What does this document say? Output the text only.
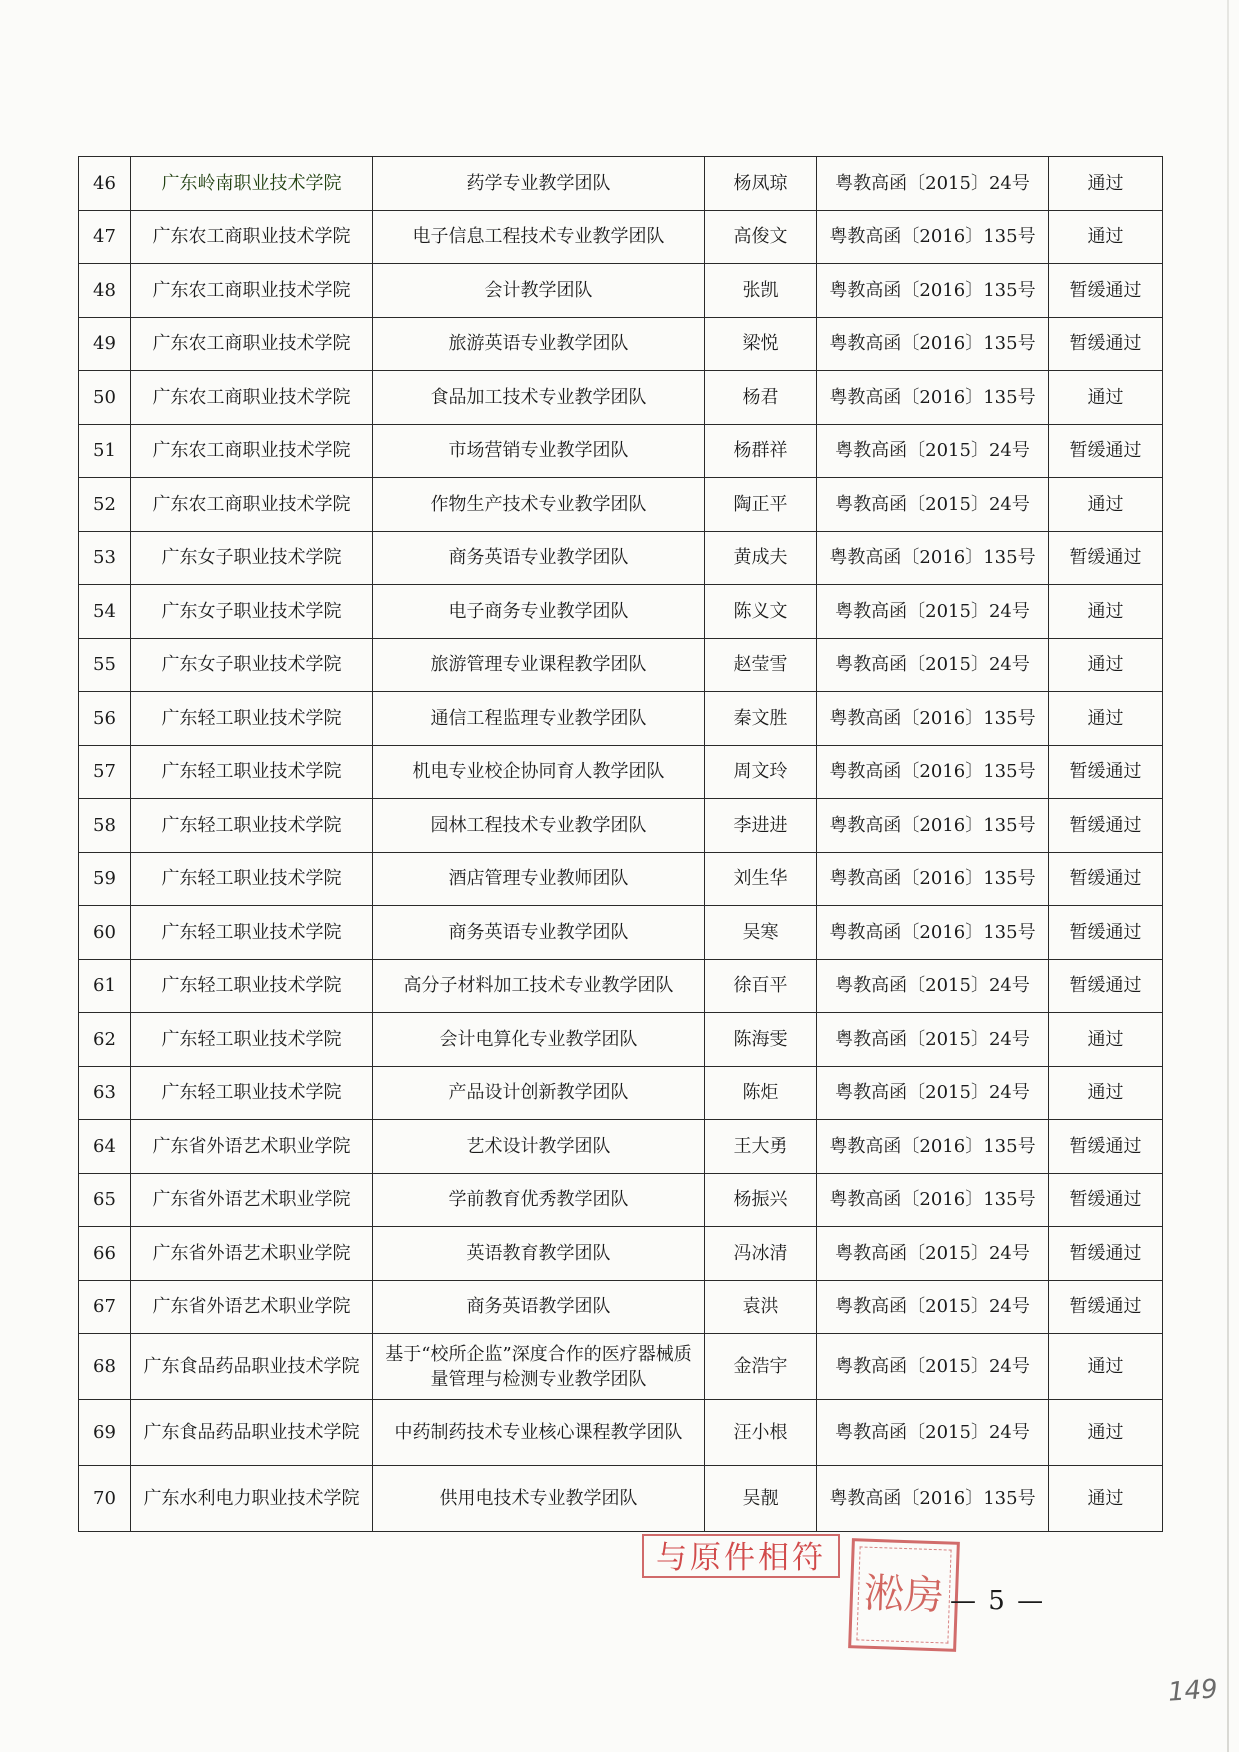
46	广东岭南职业技术学院	药学专业教学团队	杨凤琼	粤教高函〔2015〕24号	通过
47	广东农工商职业技术学院	电子信息工程技术专业教学团队	高俊文	粤教高函〔2016〕135号	通过
48	广东农工商职业技术学院	会计教学团队	张凯	粤教高函〔2016〕135号	暂缓通过
49	广东农工商职业技术学院	旅游英语专业教学团队	梁悦	粤教高函〔2016〕135号	暂缓通过
50	广东农工商职业技术学院	食品加工技术专业教学团队	杨君	粤教高函〔2016〕135号	通过
51	广东农工商职业技术学院	市场营销专业教学团队	杨群祥	粤教高函〔2015〕24号	暂缓通过
52	广东农工商职业技术学院	作物生产技术专业教学团队	陶正平	粤教高函〔2015〕24号	通过
53	广东女子职业技术学院	商务英语专业教学团队	黄成夫	粤教高函〔2016〕135号	暂缓通过
54	广东女子职业技术学院	电子商务专业教学团队	陈义文	粤教高函〔2015〕24号	通过
55	广东女子职业技术学院	旅游管理专业课程教学团队	赵莹雪	粤教高函〔2015〕24号	通过
56	广东轻工职业技术学院	通信工程监理专业教学团队	秦文胜	粤教高函〔2016〕135号	通过
57	广东轻工职业技术学院	机电专业校企协同育人教学团队	周文玲	粤教高函〔2016〕135号	暂缓通过
58	广东轻工职业技术学院	园林工程技术专业教学团队	李进进	粤教高函〔2016〕135号	暂缓通过
59	广东轻工职业技术学院	酒店管理专业教师团队	刘生华	粤教高函〔2016〕135号	暂缓通过
60	广东轻工职业技术学院	商务英语专业教学团队	吴寒	粤教高函〔2016〕135号	暂缓通过
61	广东轻工职业技术学院	高分子材料加工技术专业教学团队	徐百平	粤教高函〔2015〕24号	暂缓通过
62	广东轻工职业技术学院	会计电算化专业教学团队	陈海雯	粤教高函〔2015〕24号	通过
63	广东轻工职业技术学院	产品设计创新教学团队	陈炬	粤教高函〔2015〕24号	通过
64	广东省外语艺术职业学院	艺术设计教学团队	王大勇	粤教高函〔2016〕135号	暂缓通过
65	广东省外语艺术职业学院	学前教育优秀教学团队	杨振兴	粤教高函〔2016〕135号	暂缓通过
66	广东省外语艺术职业学院	英语教育教学团队	冯冰清	粤教高函〔2015〕24号	暂缓通过
67	广东省外语艺术职业学院	商务英语教学团队	袁洪	粤教高函〔2015〕24号	暂缓通过
68	广东食品药品职业技术学院	基于“校所企监”深度合作的医疗器械质量管理与检测专业教学团队	金浩宇	粤教高函〔2015〕24号	通过
69	广东食品药品职业技术学院	中药制药技术专业核心课程教学团队	汪小根	粤教高函〔2015〕24号	通过
70	广东水利电力职业技术学院	供用电技术专业教学团队	吴靓	粤教高函〔2016〕135号	通过
与原件相符
淞房 — 5 —
149
